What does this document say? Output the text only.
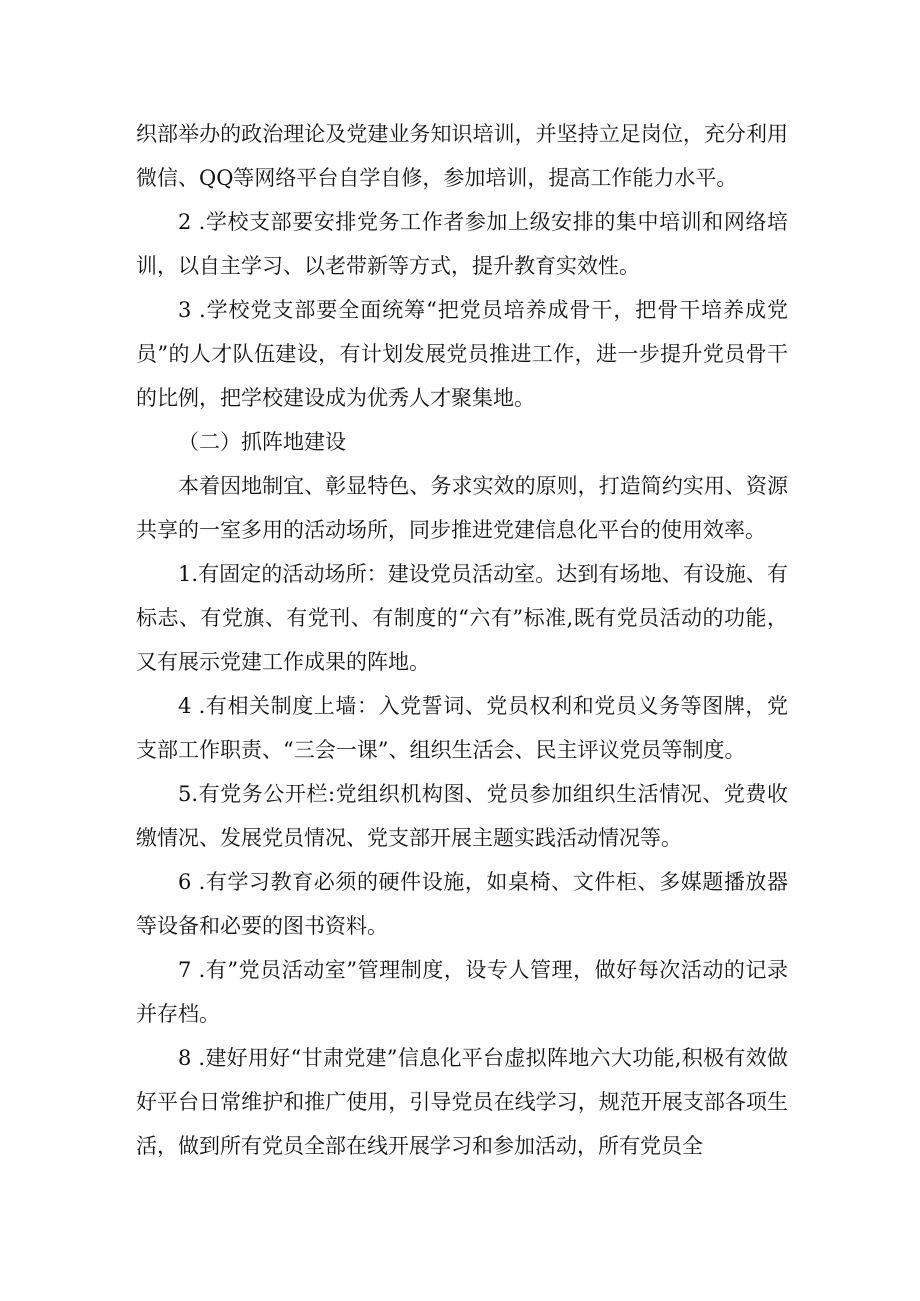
织部举办的政治理论及党建业务知识培训，并坚持立足岗位，充分利用微信、QQ等网络平台自学自修，参加培训，提高工作能力水平。

2 .学校支部要安排党务工作者参加上级安排的集中培训和网络培训，以自主学习、以老带新等方式，提升教育实效性。

3 .学校党支部要全面统筹“把党员培养成骨干，把骨干培养成党员”的人才队伍建设，有计划发展党员推进工作，进一步提升党员骨干的比例，把学校建设成为优秀人才聚集地。

（二）抓阵地建设

本着因地制宜、彰显特色、务求实效的原则，打造简约实用、资源共享的一室多用的活动场所，同步推进党建信息化平台的使用效率。

1.有固定的活动场所：建设党员活动室。达到有场地、有设施、有标志、有党旗、有党刊、有制度的“六有”标准,既有党员活动的功能，又有展示党建工作成果的阵地。

4 .有相关制度上墙：入党誓词、党员权利和党员义务等图牌，党支部工作职责、“三会一课”、组织生活会、民主评议党员等制度。

5.有党务公开栏:党组织机构图、党员参加组织生活情况、党费收缴情况、发展党员情况、党支部开展主题实践活动情况等。

6 .有学习教育必须的硬件设施，如桌椅、文件柜、多媒题播放器等设备和必要的图书资料。

7 .有”党员活动室”管理制度，设专人管理，做好每次活动的记录并存档。

8 .建好用好“甘肃党建”信息化平台虚拟阵地六大功能,积极有效做好平台日常维护和推广使用，引导党员在线学习，规范开展支部各项生活，做到所有党员全部在线开展学习和参加活动，所有党员全
